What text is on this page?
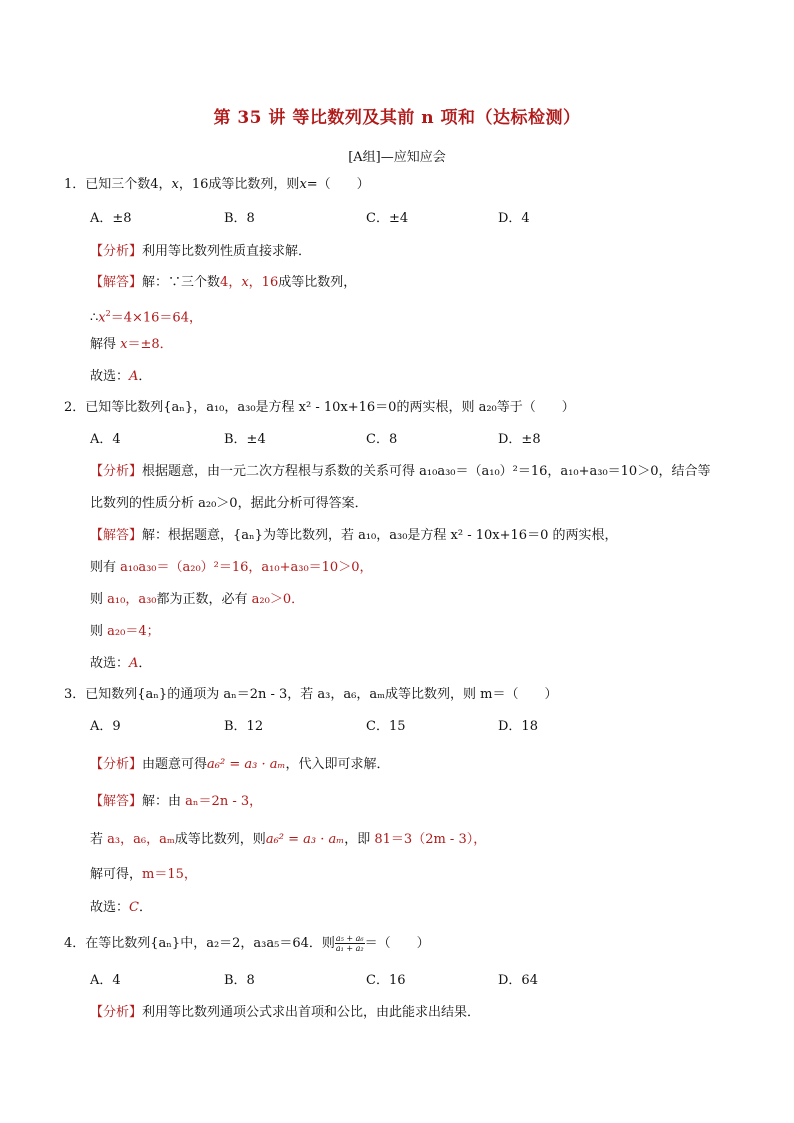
第 35 讲 等比数列及其前 n 项和（达标检测）
[A组]—应知应会
1．已知三个数4，x，16成等比数列，则x=（　　）
A．±8	B．8	C．±4	D．4
【分析】利用等比数列性质直接求解．
【解答】解：∵三个数4，x，16成等比数列，
$\therefore x^2=4\times 16=64$，
解得 x＝±8．
故选：A．
2．已知等比数列{aₙ}，a₁₀，a₃₀是方程 x² - 10x+16＝0的两实根，则 a₂₀等于（　　）
A．4	B．±4	C．8	D．±8
【分析】根据题意，由一元二次方程根与系数的关系可得 a₁₀a₃₀＝（a₁₀）²＝16，a₁₀+a₃₀＝10＞0，结合等
比数列的性质分析 a₂₀＞0，据此分析可得答案．
【解答】解：根据题意，{aₙ}为等比数列，若 a₁₀，a₃₀是方程 x² - 10x+16＝0 的两实根，
则有 a₁₀a₃₀＝（a₂₀）²＝16，a₁₀+a₃₀＝10＞0，
则 a₁₀，a₃₀都为正数，必有 a₂₀＞0．
则 a₂₀＝4；
故选：A．
3．已知数列{aₙ}的通项为 aₙ＝2n - 3，若 a₃，a₆，aₘ成等比数列，则 m＝（　　）
A．9	B．12	C．15	D．18
【分析】由题意可得a₆² = a₃ · aₘ，代入即可求解．
【解答】解：由 aₙ＝2n - 3，
若 a₃，a₆，aₘ成等比数列，则a₆² = a₃ · aₘ，即 81＝3（2m - 3），
解可得，m＝15，
故选：C．
4．在等比数列{aₙ}中，a₂＝2，a₃a₅＝64．则 $\frac{\text{a₅ + a₆}}{\text{a₁ + a₂}}$ ＝（　　）
A．4	B．8	C．16	D．64
【分析】利用等比数列通项公式求出首项和公比，由此能求出结果．
